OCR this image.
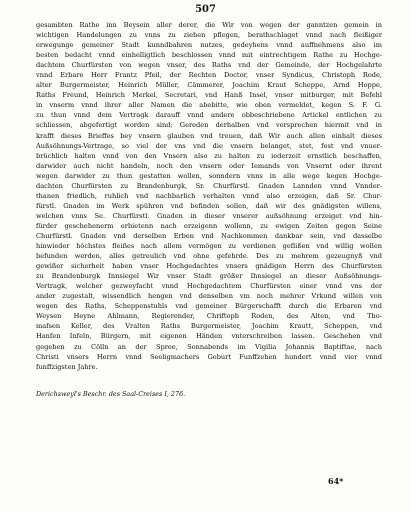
507
gesambten Rathe inn Beysein aller derer, die Wir von wegen der ganntzen gemein in
wichtigen Handelungen zu vnns zu ziehen pflegen, berathschlaget vnnd nach fleißiger
erwegunge gemeiner Stadt kunndbahren nutzes, gedeyhens vnnd auffnehmens also im
besten bedacht vnnd einhelligtlich beschlossen vnnd mit eintrechtigem Rathe zu Hochge-
dachtem Churfürsten von wegen vnser, des Raths vnd der Gemeinde, der Hochgelahrte
vnnd Erbare Herr Frantz Pfeil, der Rechten Doctor, vnser Syndicus, Christoph Rode,
alter Burgermeister, Heinrich Müller, Cämmerer, Joachim Kraut Scheppe, Arnd Hoppe,
Raths Freund, Heinrich Merkel, Secretari, vnd Hanß Insel, vnser mitburger, mit Befehl
in vnserm vnnd ihrer aller Namen die abebitte, wie oben vermeldet, kegen S. F. G.
zu thun vnnd dem Vertragk darauff vnnd andere obbeschriebene Artickel entlichen zu
schliessen, abgefertigt worden sind; Gereden derhalben vnd versprechen hiermit vnd in
krafft dieses Brieffes bey vnsern glauben vnd treuen, daß Wir auch allen einhalt dieses
Außsöhnungs-Vertrage, so viel der vns vnd die vnsern belanget, stet, fest vnd vnuer-
brüchlich halten vnnd von den Vnsern also zu halten zu iederzeit ernstlich beschaffen,
darwider auch nicht handeln, noch den vnsern oder Iemands von Vnsernt oder ihrent
wegen darwider zu thun gestatten wollen, sonndern vnns in alle wege kegen Hochge-
dachten Churfürsten zu Brandenburgk, Sr. Churfürstl. Gnaden Lannden vnnd Vnnder-
thanen friedlich, ruhlich vnd nachbarlich verhalten vnnd also erzeigen, daß Sr. Chur-
fürstl. Gnaden im Werk spühren vnd befinden sollen, daß wir des gnädigsten willens,
welchen vnns Se. Churfürstl. Gnaden in dieser vnserer außsöhnung erzeiget vnd hin-
fürder geschehenerm erbietenn nach erzeigenn wollenn, zu ewigen Zeiten gegen Seine
Churfürstl. Gnaden vnd derselben Erben vnd Nachkommen dankbar sein, vnd dasselbe
hinwieder höchstes fleißes nach allem vermögen zu verdienen geflißen vnd willig wollen
befunden werden, alles getreulich vnd ohne gefehrde. Des zu mehrem gezeugnyß vnd
gewißer sicherheit haben vnser Hochgedachtes vnsers gnädigen Herrn des Churfürsten
zu Brandenburgk Innsiegel Wir vnser Stadt größer Ihnsiegel an dieser Außsöhnungs-
Vertragk, welcher gezweyfacht vnnd Hochgedachtem Churfürsten einer vnnd vns der
ander zugestalt, wissendlich hengen vnd denselben vm noch mehrer Vrkund willen von
wegen des Raths, Scheppenstuhls vnd gemeiner Bürgerschafft durch die Erbaren vnd
Weysen Heyne Ahlmann, Regierender, Chriftoph Roden, des Alten, vnd Tho-
mafsen Keller, des Vralten Raths Burgermeister, Joachim Krautt, Scheppen, vnd
Hanfen Infeln, Bürgern, mit eigenen Händen vnterschreiben lassen. Geschehen vnd
gegeben zu Cölln an der Spree, Sonnabends im Vigilia Johannis Baptiftae, nach
Christi vnsers Herrn vnnd Seeligmachers Geburt Funffzehen hundert vnnd vier vnnd
funffzigsten Jahre.
Derichsweyl's Beschr. des Saal-Creises I, 276.
64*
